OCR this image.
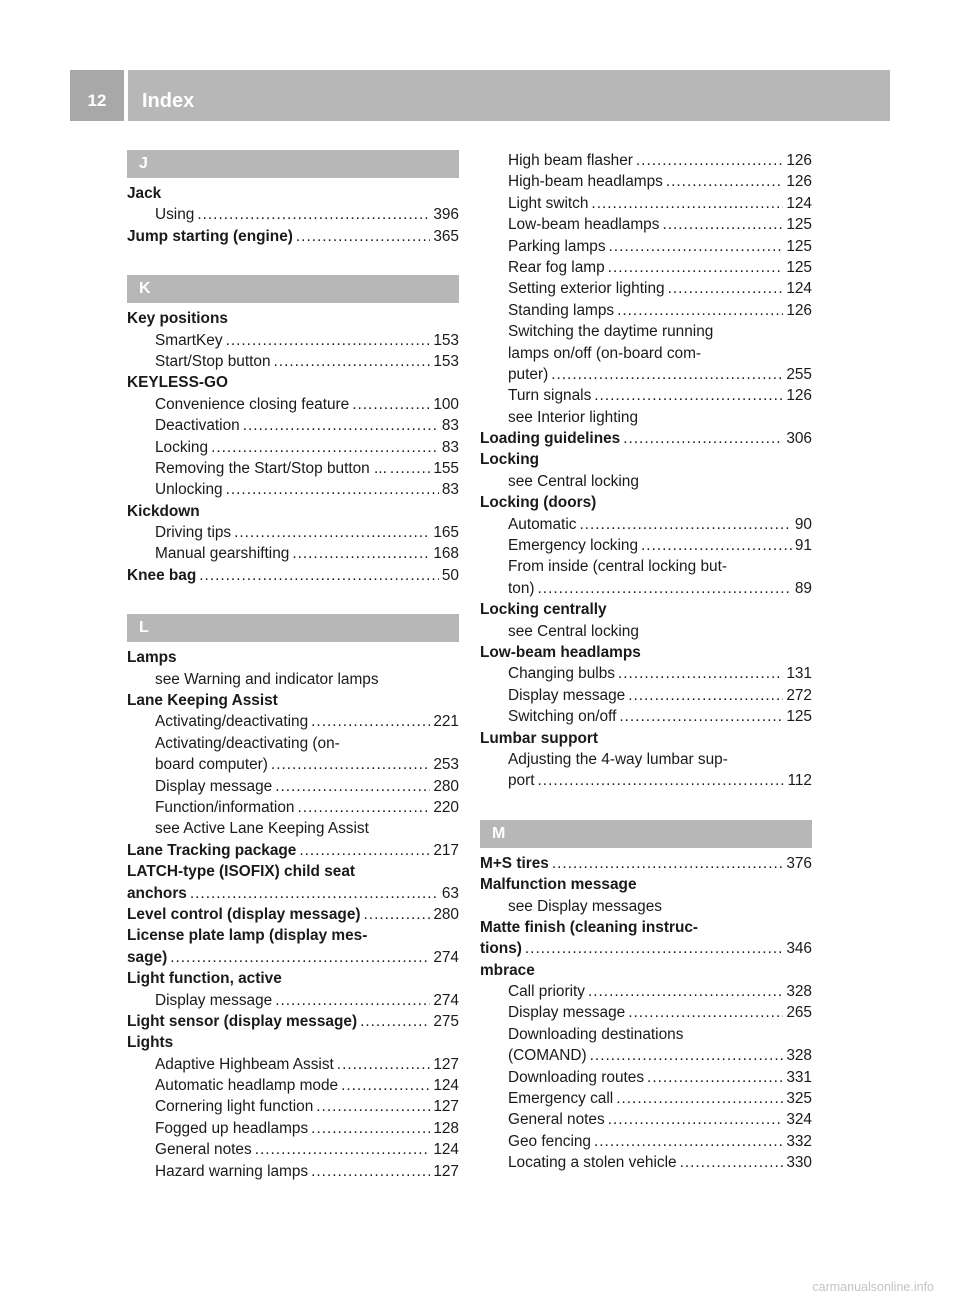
12	Index
J
Jack
Using .....	396
Jump starting (engine) .....	365
K
Key positions
SmartKey .....	153
Start/Stop button .....	153
KEYLESS-GO
Convenience closing feature .....	100
Deactivation .....	83
Locking .....	83
Removing the Start/Stop button ... .....	155
Unlocking .....	83
Kickdown
Driving tips .....	165
Manual gearshifting .....	168
Knee bag .....	50
L
Lamps
see Warning and indicator lamps
Lane Keeping Assist
Activating/deactivating .....	221
Activating/deactivating (on-
board computer) .....	253
Display message .....	280
Function/information .....	220
see Active Lane Keeping Assist
Lane Tracking package .....	217
LATCH-type (ISOFIX) child seat
anchors .....	63
Level control (display message) .....	280
License plate lamp (display mes-
sage) .....	274
Light function, active
Display message .....	274
Light sensor (display message) .....	275
Lights
Adaptive Highbeam Assist .....	127
Automatic headlamp mode .....	124
Cornering light function .....	127
Fogged up headlamps .....	128
General notes .....	124
Hazard warning lamps .....	127
High beam flasher .....	126
High-beam headlamps .....	126
Light switch .....	124
Low-beam headlamps .....	125
Parking lamps .....	125
Rear fog lamp .....	125
Setting exterior lighting .....	124
Standing lamps .....	126
Switching the daytime running
lamps on/off (on-board com-
puter) .....	255
Turn signals .....	126
see Interior lighting
Loading guidelines .....	306
Locking
see Central locking
Locking (doors)
Automatic .....	90
Emergency locking .....	91
From inside (central locking but-
ton) .....	89
Locking centrally
see Central locking
Low-beam headlamps
Changing bulbs .....	131
Display message .....	272
Switching on/off .....	125
Lumbar support
Adjusting the 4-way lumbar sup-
port .....	112
M
M+S tires .....	376
Malfunction message
see Display messages
Matte finish (cleaning instruc-
tions) .....	346
mbrace
Call priority .....	328
Display message .....	265
Downloading destinations
(COMAND) .....	328
Downloading routes .....	331
Emergency call .....	325
General notes .....	324
Geo fencing .....	332
Locating a stolen vehicle .....	330
carmanualsonline.info
